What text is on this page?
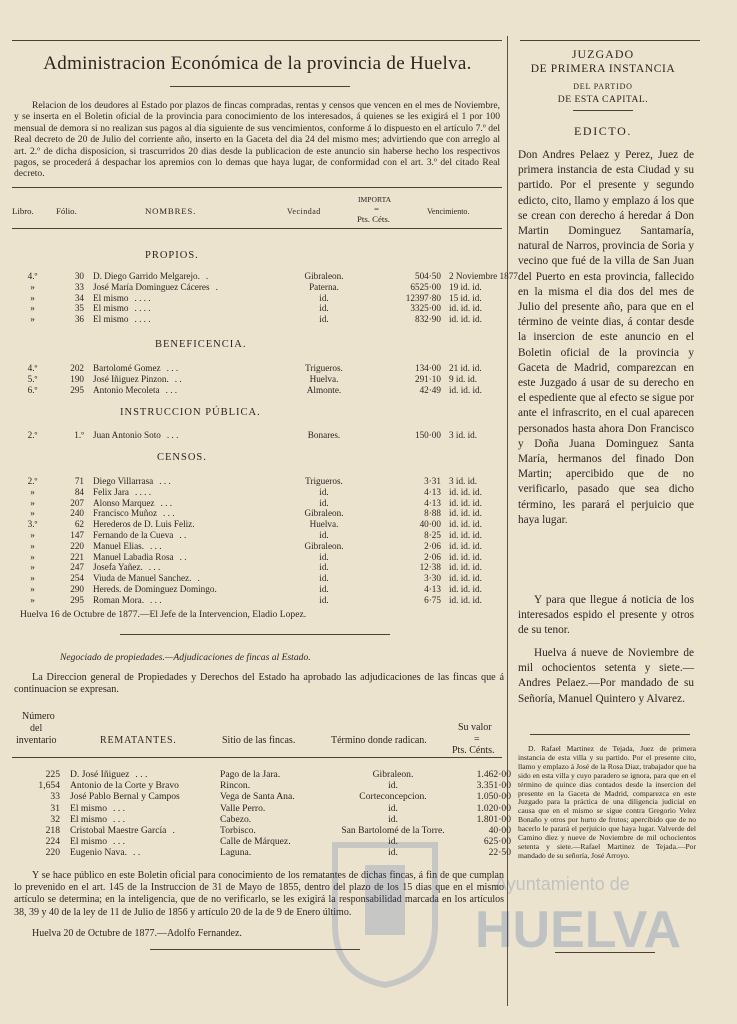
Administracion Económica de la provincia de Huelva.

Relacion de los deudores al Estado por plazos de fincas compradas, rentas y censos que vencen en el mes de Noviembre, y se inserta en el Boletin oficial de la provincia para conocimiento de los interesados, á quienes se les exigirá el 1 por 100 mensual de demora si no realizan sus pagos al dia siguiente de sus vencimientos, conforme á lo dispuesto en el artículo 7.º del Real decreto de 20 de Julio del corriente año, inserto en la Gaceta del dia 24 del mismo mes; advirtiendo que con arreglo al art. 2.º de dicha disposicion, si trascurridos 20 dias desde la publicacion de este anuncio sin haberse hecho los respectivos pagos, se procederá á despachar los apremios con lo demas que haya lugar, de conformidad con el art. 3.º del citado Real decreto.

Libro.	Fólio.	NOMBRES.	Vecindad
IMPORTA
=
Pts. Céts.
Vencimiento.
PROPIOS.
4.º	30	D. Diego Garrido Melgarejo. .	Gibraleon.	504·50	2 Noviembre 1877.
»	33	José María Dominguez Cáceres .	Paterna.	6525·00	19 id. id.
»	34	El mismo . . . .	id.	12397·80	15 id. id.
»	35	El mismo . . . .	id.	3325·00	id. id. id.
»	36	El mismo . . . .	id.	832·90	id. id. id.
BENEFICENCIA.
4.º	202	Bartolomé Gomez . . .	Trigueros.	134·00	21 id. id.
5.º	190	José Iñiguez Pinzon. . .	Huelva.	291·10	9 id. id.
6.º	295	Antonio Mecoleta . . .	Almonte.	42·49	id. id. id.
INSTRUCCION PÚBLICA.
2.º	1.º	Juan Antonio Soto . . .	Bonares.	150·00	3 id. id.
CENSOS.
2.º	71	Diego Villarrasa . . .	Trigueros.	3·31	3 id. id.
»	84	Felix Jara . . . .	id.	4·13	id. id. id.
»	207	Alonso Marquez . . .	id.	4·13	id. id. id.
»	240	Francisco Muñoz . . .	Gibraleon.	8·88	id. id. id.
3.º	62	Herederos de D. Luis Feliz.	Huelva.	40·00	id. id. id.
»	147	Fernando de la Cueva . .	id.	8·25	id. id. id.
»	220	Manuel Elias. . . .	Gibraleon.	2·06	id. id. id.
»	221	Manuel Labadia Rosa . .	id.	2·06	id. id. id.
»	247	Josefa Yañez. . . .	id.	12·38	id. id. id.
»	254	Viuda de Manuel Sanchez. .	id.	3·30	id. id. id.
»	290	Hereds. de Dominguez Domingo.	id.	4·13	id. id. id.
»	295	Roman Mora. . . .	id.	6·75	id. id. id.
Huelva 16 de Octubre de 1877.—El Jefe de la Intervencion, Eladio Lopez.
Negociado de propiedades.—Adjudicaciones de fincas al Estado.

La Direccion general de Propiedades y Derechos del Estado ha aprobado las adjudicaciones de las fincas que á continuacion se expresan.

Número
del
inventario	REMATANTES.	Sitio de las fincas.	Término donde radican.
Su valor
=
Pts. Cénts.
225	D. José Iñiguez . . .	Pago de la Jara.	Gibraleon.	1.462·00
1,654	Antonio de la Corte y Bravo	Rincon.	id.	3.351·00
33	José Pablo Bernal y Campos	Vega de Santa Ana.	Corteconcepcion.	1.050·00
31	El mismo . . .	Valle Perro.	id.	1.020·00
32	El mismo . . .	Cabezo.	id.	1.801·00
218	Cristobal Maestre García .	Torbisco.	San Bartolomé de la Torre.	40·00
224	El mismo . . .	Calle de Márquez.	id.	625·00
220	Eugenio Nava. . .	Laguna.	id.	22·50

Y se hace público en este Boletin oficial para conocimiento de los rematantes de dichas fincas, á fin de que cumplan lo prevenido en el art. 145 de la Instruccion de 31 de Mayo de 1855, dentro del plazo de los 15 dias que en el mismo artículo se determina; en la inteligencia, que de no verificarlo, se les exigirá la responsabilidad marcada en los artículos 38, 39 y 40 de la ley de 11 de Julio de 1856 y artículo 20 de la de 9 de Enero último.

Huelva 20 de Octubre de 1877.—Adolfo Fernandez.
JUZGADO
DE PRIMERA INSTANCIA
DEL PARTIDO
DE ESTA CAPITAL.
EDICTO.

Don Andres Pelaez y Perez, Juez de primera instancia de esta Ciudad y su partido. Por el presente y segundo edicto, cito, llamo y emplazo á los que se crean con derecho á heredar á Don Martin Dominguez Santamaría, natural de Narros, provincia de Soria y vecino que fué de la villa de San Juan del Puerto en esta provincia, fallecido en la misma el dia dos del mes de Julio del presente año, para que en el término de veinte dias, á contar desde la insercion de este anuncio en el Boletin oficial de la provincia y Gaceta de Madrid, comparezcan en este Juzgado á usar de su derecho en el espediente que al efecto se sigue por ante el infrascrito, en el cual aparecen personados hasta ahora Don Francisco y Doña Juana Dominguez Santa María, hermanos del finado Don Martin; apercibido que de no verificarlo, pasado que sea dicho término, les parará el perjuicio que haya lugar.

Y para que llegue á noticia de los interesados espido el presente y otros de su tenor.

Huelva á nueve de Noviembre de mil ochocientos setenta y siete.—Andres Pelaez.—Por mandado de su Señoría, Manuel Quintero y Alvarez.

D. Rafael Martinez de Tejada, Juez de primera instancia de esta villa y su partido. Por el presente cito, llamo y emplazo á José de la Rosa Diaz, trabajador que ha sido en esta villa y cuyo paradero se ignora, para que en el término de quince dias contados desde la insercion del presente en la Gaceta de Madrid, comparezca en este Juzgado para la práctica de una diligencia judicial en causa que en el mismo se sigue contra Gregorio Velez Bonaño y otros por hurto de frutos; apercibido que de no hacerlo le parará el perjuicio que haya lugar. Valverde del Camino diez y nueve de Noviembre de mil ochocientos setenta y siete.—Rafael Martinez de Tejada.—Por mandado de su señoría, José Arroyo.

Ayuntamiento de
HUELVA
